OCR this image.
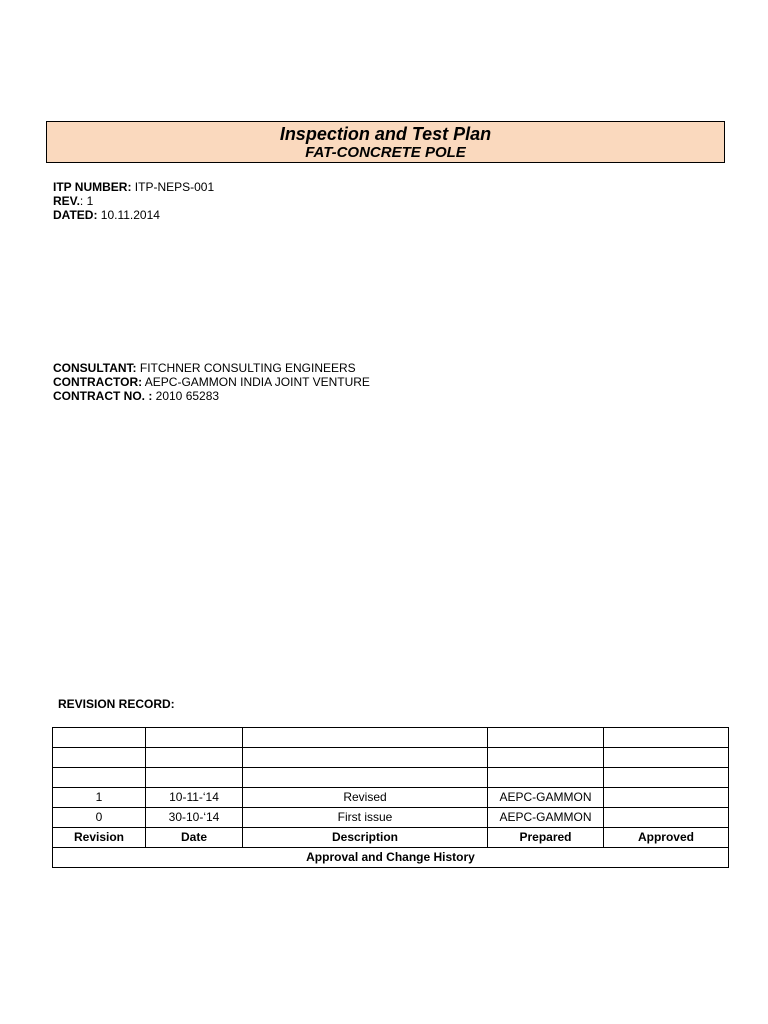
Inspection and Test Plan
FAT-CONCRETE POLE
ITP NUMBER: ITP-NEPS-001
REV.: 1
DATED: 10.11.2014
CONSULTANT: FITCHNER CONSULTING ENGINEERS
CONTRACTOR: AEPC-GAMMON INDIA JOINT VENTURE
CONTRACT NO. : 2010 65283
REVISION RECORD:

1	10-11-‘14	Revised	AEPC-GAMMON	
0	30-10-‘14	First issue	AEPC-GAMMON	
Revision	Date	Description	Prepared	Approved
Approval and Change History				
